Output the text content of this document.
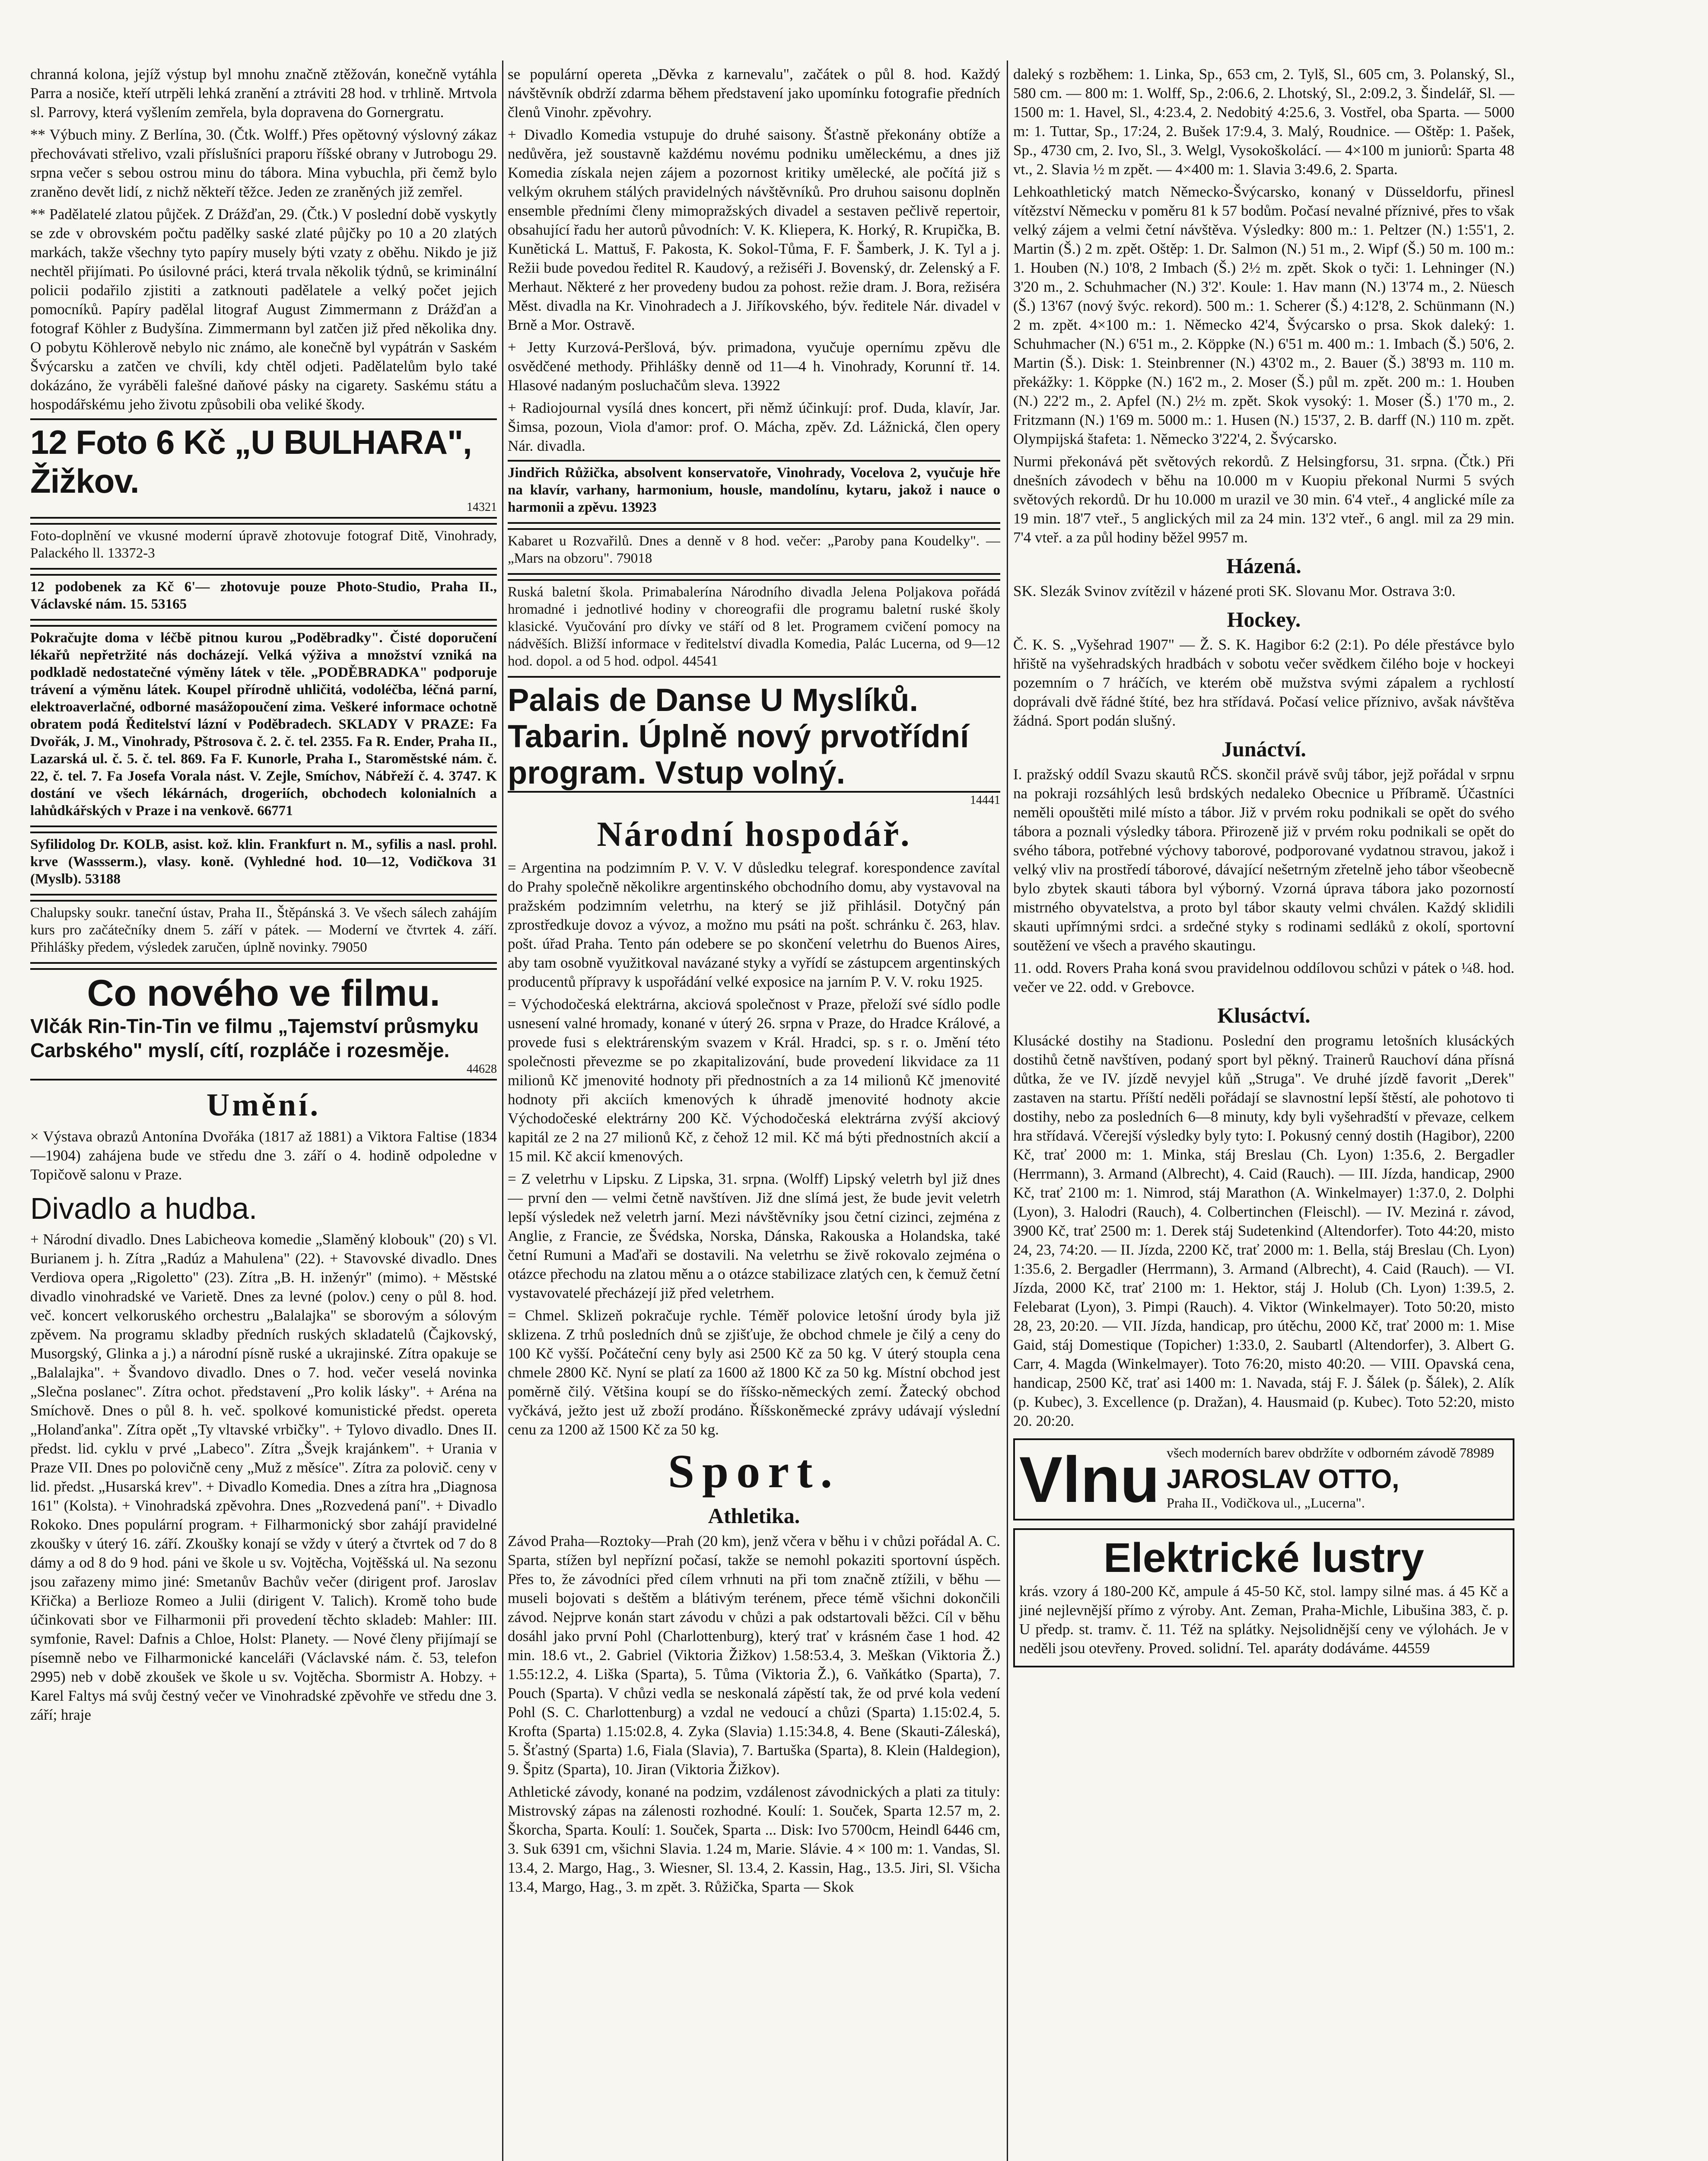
chranná kolona, jejíž výstup byl mnohu značně ztěžován, konečně vytáhla Parra a nosiče, kteří utrpěli lehká zranění a ztráviti 28 hod. v trhlině. Mrtvola sl. Parrovy, která vyšlením zemřela, byla dopravena do Gornergratu.

** Výbuch miny. Z Berlína, 30. (Čtk. Wolff.) Přes opětovný výslovný zákaz přechovávati střelivo, vzali příslušníci praporu říšské obrany v Jutrobogu 29. srpna večer s sebou ostrou minu do tábora. Mina vybuchla, při čemž bylo zraněno devět lidí, z nichž někteří těžce. Jeden ze zraněných již zemřel.

** Padělatelé zlatou půjček. Z Drážďan, 29. (Čtk.) V poslední době vyskytly se zde v obrovském počtu padělky saské zlaté půjčky po 10 a 20 zlatých markách, takže všechny tyto papíry musely býti vzaty z oběhu. Nikdo je již nechtěl přijímati. Po úsilovné práci, která trvala několik týdnů, se kriminální policii podařilo zjistiti a zatknouti padělatele a velký počet jejich pomocníků. Papíry padělal litograf August Zimmermann z Drážďan a fotograf Köhler z Budyšína. Zimmermann byl zatčen již před několika dny. O pobytu Köhlerově nebylo nic známo, ale konečně byl vypátrán v Saském Švýcarsku a zatčen ve chvíli, kdy chtěl odjeti. Padělatelům bylo také dokázáno, že vyráběli falešné daňové pásky na cigarety. Saskému státu a hospodářskému jeho životu způsobili oba veliké škody.

12 Foto 6 Kč „U BULHARA", Žižkov.
14321

Foto-doplnění ve vkusné moderní úpravě zhotovuje fotograf Ditě, Vinohrady, Palackého ll. 13372-3

12 podobenek za Kč 6'— zhotovuje pouze Photo-Studio, Praha II., Václavské nám. 15. 53165

Pokračujte doma v léčbě pitnou kurou „Poděbradky". Čisté doporučení lékařů nepřetržité nás docházejí. Velká výživa a množství vzniká na podkladě nedostatečné výměny látek v těle. „PODĚBRADKA" podporuje trávení a výměnu látek. Koupel přírodně uhličitá, vodoléčba, léčná parní, elektroaverlačné, odborné masážopoučení zima. Veškeré informace ochotně obratem podá Ředitelství lázní v Poděbradech. SKLADY V PRAZE: Fa Dvořák, J. M., Vinohrady, Pštrosova č. 2. č. tel. 2355. Fa R. Ender, Praha II., Lazarská ul. č. 5. č. tel. 869. Fa F. Kunorle, Praha I., Staroměstské nám. č. 22, č. tel. 7. Fa Josefa Vorala nást. V. Zejle, Smíchov, Nábřeží č. 4. 3747. K dostání ve všech lékárnách, drogeriích, obchodech kolonialních a lahůdkářských v Praze i na venkově. 66771

Syfilidolog Dr. KOLB, asist. kož. klin. Frankfurt n. M., syfilis a nasl. prohl. krve (Wassserm.), vlasy. koně. (Vyhledné hod. 10—12, Vodičkova 31 (Myslb). 53188

Chalupsky soukr. taneční ústav, Praha II., Štěpánská 3. Ve všech sálech zahájím kurs pro začátečníky dnem 5. září v pátek. — Moderní ve čtvrtek 4. září. Přihlášky předem, výsledek zaručen, úplně novinky. 79050

Co nového ve filmu.
Vlčák Rin-Tin-Tin ve filmu „Tajemství průsmyku Carbského" myslí, cítí, rozpláče i rozesměje.
44628
Umění.

× Výstava obrazů Antonína Dvořáka (1817 až 1881) a Viktora Faltise (1834—1904) zahájena bude ve středu dne 3. září o 4. hodině odpoledne v Topičově salonu v Praze.

Divadlo a hudba.

+ Národní divadlo. Dnes Labicheova komedie „Slaměný klobouk" (20) s Vl. Burianem j. h. Zítra „Radúz a Mahulena" (22). + Stavovské divadlo. Dnes Verdiova opera „Rigoletto" (23). Zítra „B. H. inženýr" (mimo). + Městské divadlo vinohradské ve Varietě. Dnes za levné (polov.) ceny o půl 8. hod. več. koncert velkoruského orchestru „Balalajka" se sborovým a sólovým zpěvem. Na programu skladby předních ruských skladatelů (Čajkovský, Musorgský, Glinka a j.) a národní písně ruské a ukrajinské. Zítra opakuje se „Balalajka". + Švandovo divadlo. Dnes o 7. hod. večer veselá novinka „Slečna poslanec". Zítra ochot. představení „Pro kolik lásky". + Aréna na Smíchově. Dnes o půl 8. h. več. spolkové komunistické předst. opereta „Holanďanka". Zítra opět „Ty vltavské vrbičky". + Tylovo divadlo. Dnes II. předst. lid. cyklu v prvé „Labeco". Zítra „Švejk krajánkem". + Urania v Praze VII. Dnes po polovičně ceny „Muž z měsíce". Zítra za polovič. ceny v lid. předst. „Husarská krev". + Divadlo Komedia. Dnes a zítra hra „Diagnosa 161" (Kolsta). + Vinohradská zpěvohra. Dnes „Rozvedená paní". + Divadlo Rokoko. Dnes populární program. + Filharmonický sbor zahájí pravidelné zkoušky v úterý 16. září. Zkoušky konají se vždy v úterý a čtvrtek od 7 do 8 dámy a od 8 do 9 hod. páni ve škole u sv. Vojtěcha, Vojtěšská ul. Na sezonu jsou zařazeny mimo jiné: Smetanův Bachův večer (dirigent prof. Jaroslav Křička) a Berlioze Romeo a Julii (dirigent V. Talich). Kromě toho bude účinkovati sbor ve Filharmonii při provedení těchto skladeb: Mahler: III. symfonie, Ravel: Dafnis a Chloe, Holst: Planety. — Nové členy přijímají se písemně nebo ve Filharmonické kanceláři (Václavské nám. č. 53, telefon 2995) neb v době zkoušek ve škole u sv. Vojtěcha. Sbormistr A. Hobzy. + Karel Faltys má svůj čestný večer ve Vinohradské zpěvohře ve středu dne 3. září; hraje

se populární opereta „Děvka z karnevalu", začátek o půl 8. hod. Každý návštěvník obdrží zdarma během představení jako upomínku fotografie předních členů Vinohr. zpěvohry.

+ Divadlo Komedia vstupuje do druhé saisony. Šťastně překonány obtíže a nedůvěra, jež soustavně každému novému podniku uměleckému, a dnes již Komedia získala nejen zájem a pozornost kritiky umělecké, ale počítá již s velkým okruhem stálých pravidelných návštěvníků. Pro druhou saisonu doplněn ensemble předními členy mimopražských divadel a sestaven pečlivě repertoir, obsahující řadu her autorů původních: V. K. Kliepera, K. Horký, R. Krupička, B. Kunětická L. Mattuš, F. Pakosta, K. Sokol-Tůma, F. F. Šamberk, J. K. Tyl a j. Režii bude povedou ředitel R. Kaudový, a režiséři J. Bovenský, dr. Zelenský a F. Merhaut. Některé z her provedeny budou za pohost. režie dram. J. Bora, režiséra Měst. divadla na Kr. Vinohradech a J. Jiříkovského, býv. ředitele Nár. divadel v Brně a Mor. Ostravě.

+ Jetty Kurzová-Peršlová, býv. primadona, vyučuje opernímu zpěvu dle osvědčené methody. Přihlášky denně od 11—4 h. Vinohrady, Korunní tř. 14. Hlasové nadaným posluchačům sleva. 13922

+ Radiojournal vysílá dnes koncert, při němž účinkují: prof. Duda, klavír, Jar. Šimsa, pozoun, Viola d'amor: prof. O. Mácha, zpěv. Zd. Lážnická, člen opery Nár. divadla.

Jindřich Růžička, absolvent konservatoře, Vinohrady, Vocelova 2, vyučuje hře na klavír, varhany, harmonium, housle, mandolínu, kytaru, jakož i nauce o harmonii a zpěvu. 13923

Kabaret u Rozvařilů. Dnes a denně v 8 hod. večer: „Paroby pana Koudelky". — „Mars na obzoru". 79018

Ruská baletní škola. Primabalerína Národního divadla Jelena Poljakova pořádá hromadné i jednotlivé hodiny v choreografii dle programu baletní ruské školy klasické. Vyučování pro dívky ve stáří od 8 let. Programem cvičení pomocy na nádvěších. Bližší informace v ředitelství divadla Komedia, Palác Lucerna, od 9—12 hod. dopol. a od 5 hod. odpol. 44541

Palais de Danse U Myslíků. Tabarin. Úplně nový prvotřídní program. Vstup volný.
14441
Národní hospodář.

= Argentina na podzimním P. V. V. V důsledku telegraf. korespondence zavítal do Prahy společně několikre argentinského obchodního domu, aby vystavoval na pražském podzimním veletrhu, na který se již přihlásil. Dotyčný pán zprostředkuje dovoz a vývoz, a možno mu psáti na pošt. schránku č. 263, hlav. pošt. úřad Praha. Tento pán odebere se po skončení veletrhu do Buenos Aires, aby tam osobně využitkoval navázané styky a vyřídí se zástupcem argentinských producentů přípravy k uspořádání velké exposice na jarním P. V. V. roku 1925.

= Východočeská elektrárna, akciová společnost v Praze, přeloží své sídlo podle usnesení valné hromady, konané v úterý 26. srpna v Praze, do Hradce Králové, a provede fusi s elektrárenským svazem v Král. Hradci, sp. s r. o. Jmění této společnosti převezme se po zkapitalizování, bude provedení likvidace za 11 milionů Kč jmenovité hodnoty při přednostních a za 14 milionů Kč jmenovité hodnoty při akciích kmenových k úhradě jmenovité hodnoty akcie Východočeské elektrárny 200 Kč. Východočeská elektrárna zvýší akciový kapitál ze 2 na 27 milionů Kč, z čehož 12 mil. Kč má býti přednostních akcií a 15 mil. Kč akcií kmenových.

= Z veletrhu v Lipsku. Z Lipska, 31. srpna. (Wolff) Lipský veletrh byl již dnes — první den — velmi četně navštíven. Již dne slímá jest, že bude jevit veletrh lepší výsledek než veletrh jarní. Mezi návštěvníky jsou četní cizinci, zejména z Anglie, z Francie, ze Švédska, Norska, Dánska, Rakouska a Holandska, také četní Rumuni a Maďaři se dostavili. Na veletrhu se živě rokovalo zejména o otázce přechodu na zlatou měnu a o otázce stabilizace zlatých cen, k čemuž četní vystavovatelé přecházejí již před veletrhem.

= Chmel. Sklizeň pokračuje rychle. Téměř polovice letošní úrody byla již sklizena. Z trhů posledních dnů se zjišťuje, že obchod chmele je čilý a ceny do 100 Kč vyšší. Počáteční ceny byly asi 2500 Kč za 50 kg. V úterý stoupla cena chmele 2800 Kč. Nyní se platí za 1600 až 1800 Kč za 50 kg. Místní obchod jest poměrně čilý. Většina koupí se do říšsko-německých zemí. Žatecký obchod vyčkává, ježto jest už zboží prodáno. Říšskoněmecké zprávy udávají výslední cenu za 1200 až 1500 Kč za 50 kg.

Sport.
Athletika.

Závod Praha—Roztoky—Prah (20 km), jenž včera v běhu i v chůzi pořádal A. C. Sparta, stížen byl nepřízní počasí, takže se nemohl pokaziti sportovní úspěch. Přes to, že závodníci před cílem vrhnuti na při tom značně ztížili, v běhu — museli bojovati s deštěm a blátivým terénem, přece témě všichni dokončili závod. Nejprve konán start závodu v chůzi a pak odstartovali běžci. Cíl v běhu dosáhl jako první Pohl (Charlottenburg), který trať v krásném čase 1 hod. 42 min. 18.6 vt., 2. Gabriel (Viktoria Žižkov) 1.58:53.4, 3. Meškan (Viktoria Ž.) 1.55:12.2, 4. Liška (Sparta), 5. Tůma (Viktoria Ž.), 6. Vaňkátko (Sparta), 7. Pouch (Sparta). V chůzi vedla se neskonalá zápěstí tak, že od prvé kola vedení Pohl (S. C. Charlottenburg) a vzdal ne vedoucí a chůzi (Sparta) 1.15:02.4, 5. Krofta (Sparta) 1.15:02.8, 4. Zyka (Slavia) 1.15:34.8, 4. Bene (Skauti-Záleská), 5. Šťastný (Sparta) 1.6, Fiala (Slavia), 7. Bartuška (Sparta), 8. Klein (Haldegion), 9. Špitz (Sparta), 10. Jiran (Viktoria Žižkov).

Athletické závody, konané na podzim, vzdálenost závodnických a plati za tituly: Mistrovský zápas na zálenosti rozhodné. Koulí: 1. Souček, Sparta 12.57 m, 2. Škorcha, Sparta. Koulí: 1. Souček, Sparta ... Disk: Ivo 5700cm, Heindl 6446 cm, 3. Suk 6391 cm, všichni Slavia. 1.24 m, Marie. Slávie. 4 × 100 m: 1. Vandas, Sl. 13.4, 2. Margo, Hag., 3. Wiesner, Sl. 13.4, 2. Kassin, Hag., 13.5. Jiri, Sl. Všicha 13.4, Margo, Hag., 3. m zpět. 3. Růžička, Sparta — Skok

daleký s rozběhem: 1. Linka, Sp., 653 cm, 2. Tylš, Sl., 605 cm, 3. Polanský, Sl., 580 cm. — 800 m: 1. Wolff, Sp., 2:06.6, 2. Lhotský, Sl., 2:09.2, 3. Šindelář, Sl. — 1500 m: 1. Havel, Sl., 4:23.4, 2. Nedobitý 4:25.6, 3. Vostřel, oba Sparta. — 5000 m: 1. Tuttar, Sp., 17:24, 2. Bušek 17:9.4, 3. Malý, Roudnice. — Oštěp: 1. Pašek, Sp., 4730 cm, 2. Ivo, Sl., 3. Welgl, Vysokoškolácí. — 4×100 m juniorů: Sparta 48 vt., 2. Slavia ½ m zpět. — 4×400 m: 1. Slavia 3:49.6, 2. Sparta.

Lehkoathletický match Německo-Švýcarsko, konaný v Düsseldorfu, přinesl vítězství Německu v poměru 81 k 57 bodům. Počasí nevalné příznivé, přes to však velký zájem a velmi četní návštěva. Výsledky: 800 m.: 1. Peltzer (N.) 1:55'1, 2. Martin (Š.) 2 m. zpět. Oštěp: 1. Dr. Salmon (N.) 51 m., 2. Wipf (Š.) 50 m. 100 m.: 1. Houben (N.) 10'8, 2 Imbach (Š.) 2½ m. zpět. Skok o tyči: 1. Lehninger (N.) 3'20 m., 2. Schuhmacher (N.) 3'2'. Koule: 1. Hav mann (N.) 13'74 m., 2. Nüesch (Š.) 13'67 (nový švýc. rekord). 500 m.: 1. Scherer (Š.) 4:12'8, 2. Schünmann (N.) 2 m. zpět. 4×100 m.: 1. Německo 42'4, Švýcarsko o prsa. Skok daleký: 1. Schuhmacher (N.) 6'51 m., 2. Köppke (N.) 6'51 m. 400 m.: 1. Imbach (Š.) 50'6, 2. Martin (Š.). Disk: 1. Steinbrenner (N.) 43'02 m., 2. Bauer (Š.) 38'93 m. 110 m. překážky: 1. Köppke (N.) 16'2 m., 2. Moser (Š.) půl m. zpět. 200 m.: 1. Houben (N.) 22'2 m., 2. Apfel (N.) 2½ m. zpět. Skok vysoký: 1. Moser (Š.) 1'70 m., 2. Fritzmann (N.) 1'69 m. 5000 m.: 1. Husen (N.) 15'37, 2. B. darff (N.) 110 m. zpět. Olympijská štafeta: 1. Německo 3'22'4, 2. Švýcarsko.

Nurmi překonává pět světových rekordů. Z Helsingforsu, 31. srpna. (Čtk.) Při dnešních závodech v běhu na 10.000 m v Kuopiu překonal Nurmi 5 svých světových rekordů. Dr hu 10.000 m urazil ve 30 min. 6'4 vteř., 4 anglické míle za 19 min. 18'7 vteř., 5 anglických mil za 24 min. 13'2 vteř., 6 angl. mil za 29 min. 7'4 vteř. a za půl hodiny běžel 9957 m.

Házená.

SK. Slezák Svinov zvítězil v házené proti SK. Slovanu Mor. Ostrava 3:0.

Hockey.

Č. K. S. „Vyšehrad 1907" — Ž. S. K. Hagibor 6:2 (2:1). Po déle přestávce bylo hřiště na vyšehradských hradbách v sobotu večer svědkem čilého boje v hockeyi pozemním o 7 hráčích, ve kterém obě mužstva svými zápalem a rychlostí doprávali dvě řádné štíté, bez hra střídavá. Počasí velice příznivo, avšak návštěva žádná. Sport podán slušný.

Junáctví.

I. pražský oddíl Svazu skautů RČS. skončil právě svůj tábor, jejž pořádal v srpnu na pokraji rozsáhlých lesů brdských nedaleko Obecnice u Příbramě. Účastníci neměli opouštěti milé místo a tábor. Již v prvém roku podnikali se opět do svého tábora a poznali výsledky tábora. Přirozeně již v prvém roku podnikali se opět do svého tábora, potřebné výchovy taborové, podporované vydatnou stravou, jakož i velký vliv na prostředí táborové, dávající nešetrným zřetelně jeho tábor všeobecně bylo zbytek skauti tábora byl výborný. Vzorná úprava tábora jako pozorností mistrného obyvatelstva, a proto byl tábor skauty velmi chválen. Každý sklidili skauti upřímnými srdci. a srdečné styky s rodinami sedláků z okolí, sportovní soutěžení ve všech a pravého skautingu.

11. odd. Rovers Praha koná svou pravidelnou oddílovou schůzi v pátek o ¼8. hod. večer ve 22. odd. v Grebovce.

Klusáctví.

Klusácké dostihy na Stadionu. Poslední den programu letošních klusáckých dostihů četně navštíven, podaný sport byl pěkný. Trainerů Rauchoví dána přísná důtka, že ve IV. jízdě nevyjel kůň „Struga". Ve druhé jízdě favorit „Derek" zastaven na startu. Příští neděli pořádají se slavnostní lepší štěstí, ale pohotovo ti dostihy, nebo za posledních 6—8 minuty, kdy byli vyšehradští v převaze, celkem hra střídavá. Včerejší výsledky byly tyto: I. Pokusný cenný dostih (Hagibor), 2200 Kč, trať 2000 m: 1. Minka, stáj Breslau (Ch. Lyon) 1:35.6, 2. Bergadler (Herrmann), 3. Armand (Albrecht), 4. Caid (Rauch). — III. Jízda, handicap, 2900 Kč, trať 2100 m: 1. Nimrod, stáj Marathon (A. Winkelmayer) 1:37.0, 2. Dolphi (Lyon), 3. Halodri (Rauch), 4. Colbertinchen (Fleischl). — IV. Meziná r. závod, 3900 Kč, trať 2500 m: 1. Derek stáj Sudetenkind (Altendorfer). Toto 44:20, misto 24, 23, 74:20. — II. Jízda, 2200 Kč, trať 2000 m: 1. Bella, stáj Breslau (Ch. Lyon) 1:35.6, 2. Bergadler (Herrmann), 3. Armand (Albrecht), 4. Caid (Rauch). — VI. Jízda, 2000 Kč, trať 2100 m: 1. Hektor, stáj J. Holub (Ch. Lyon) 1:39.5, 2. Felebarat (Lyon), 3. Pimpi (Rauch). 4. Viktor (Winkelmayer). Toto 50:20, misto 28, 23, 20:20. — VII. Jízda, handicap, pro útěchu, 2000 Kč, trať 2000 m: 1. Mise Gaid, stáj Domestique (Topicher) 1:33.0, 2. Saubartl (Altendorfer), 3. Albert G. Carr, 4. Magda (Winkelmayer). Toto 76:20, misto 40:20. — VIII. Opavská cena, handicap, 2500 Kč, trať asi 1400 m: 1. Navada, stáj F. J. Šálek (p. Šálek), 2. Alík (p. Kubec), 3. Excellence (p. Dražan), 4. Hausmaid (p. Kubec). Toto 52:20, misto 20. 20:20.

Vlnu všech moderních barev obdržíte v odborném závodě 78989

JAROSLAV OTTO,

Praha II., Vodičkova ul., „Lucerna".

Elektrické lustry

krás. vzory á 180-200 Kč, ampule á 45-50 Kč, stol. lampy silné mas. á 45 Kč a jiné nejlevnější přímo z výroby. Ant. Zeman, Praha-Michle, Libušina 383, č. p. U předp. st. tramv. č. 11. Též na splátky. Nejsolidnější ceny ve výlohách. Je v neděli jsou otevřeny. Proved. solidní. Tel. aparáty dodáváme. 44559
